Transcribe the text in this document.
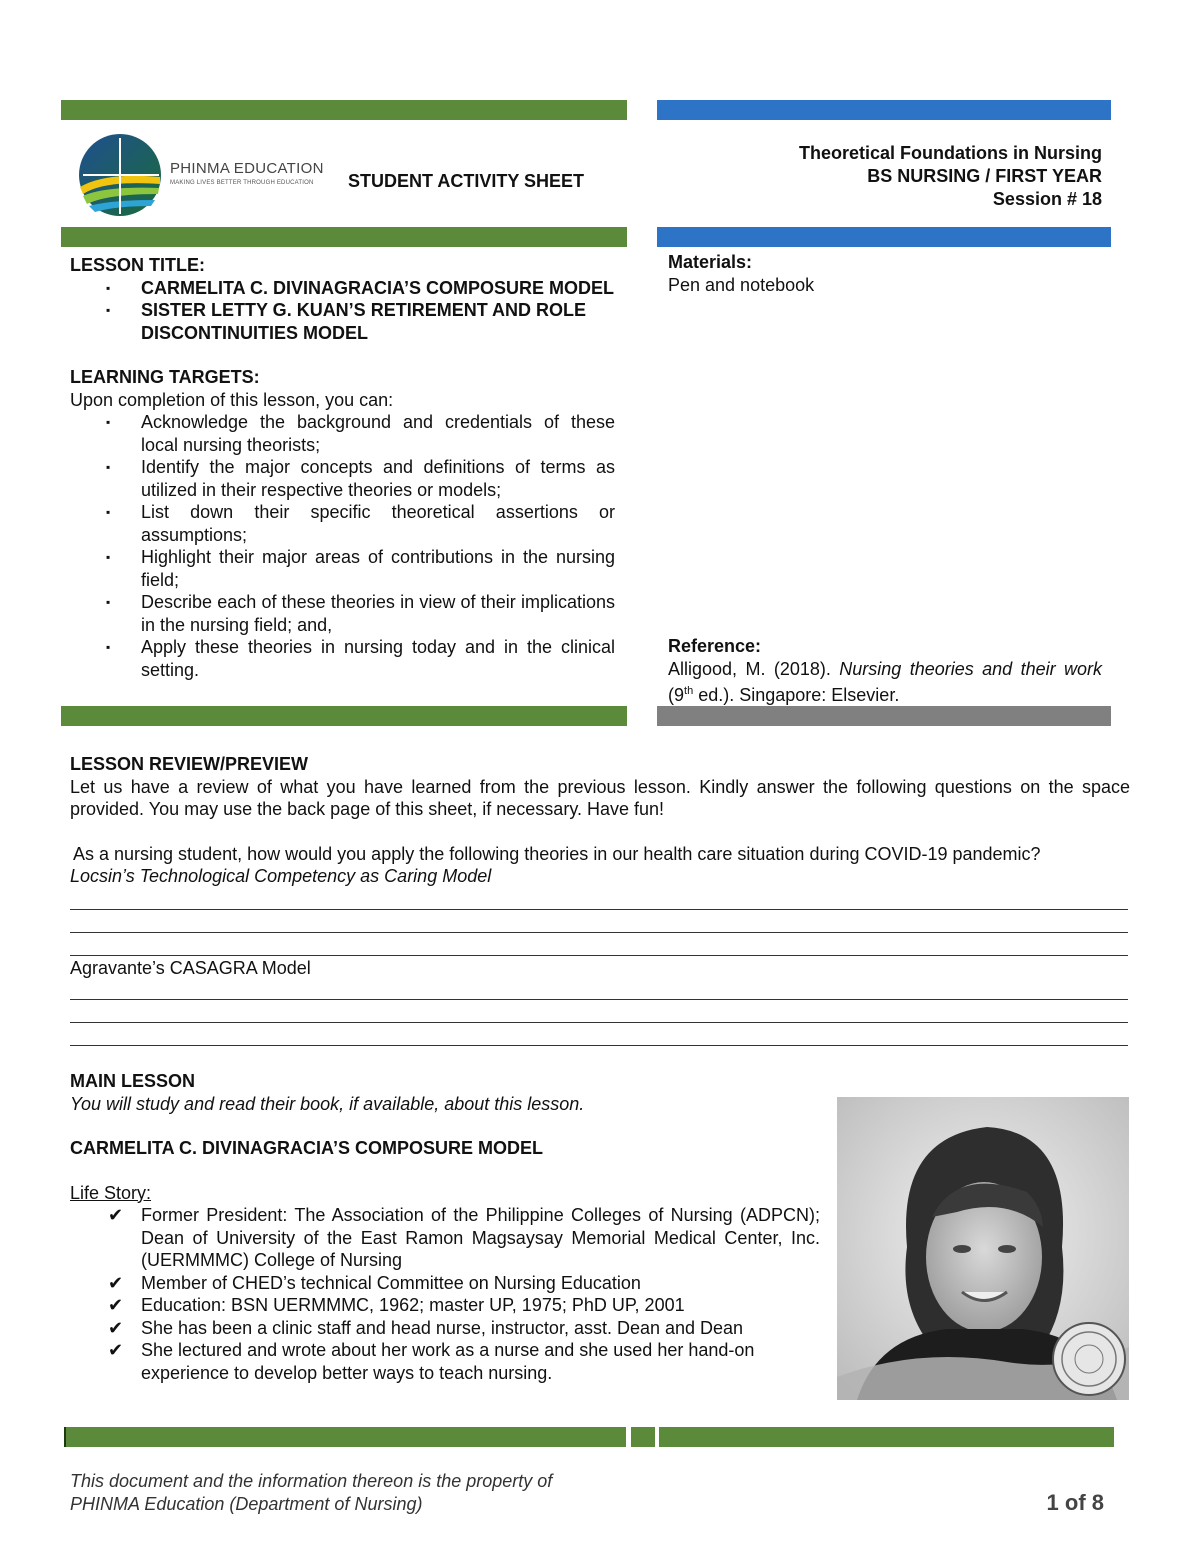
PHINMA EDUCATION
MAKING LIVES BETTER THROUGH EDUCATION STUDENT ACTIVITY SHEET
Theoretical Foundations in Nursing
BS NURSING / FIRST YEAR
Session # 18
LESSON TITLE:
▪ CARMELITA C. DIVINAGRACIA’S COMPOSURE MODEL
▪ SISTER LETTY G. KUAN’S RETIREMENT AND ROLE DISCONTINUITIES MODEL
LEARNING TARGETS:
Upon completion of this lesson, you can:
▪ Acknowledge the background and credentials of these local nursing theorists;
▪ Identify the major concepts and definitions of terms as utilized in their respective theories or models;
▪ List down their specific theoretical assertions or assumptions;
▪ Highlight their major areas of contributions in the nursing field;
▪ Describe each of these theories in view of their implications in the nursing field; and,
▪ Apply these theories in nursing today and in the clinical setting.
Materials:
Pen and notebook
Reference:
Alligood, M. (2018). Nursing theories and their work (9th ed.). Singapore: Elsevier.
LESSON REVIEW/PREVIEW
Let us have a review of what you have learned from the previous lesson. Kindly answer the following questions on the space provided. You may use the back page of this sheet, if necessary. Have fun!
As a nursing student, how would you apply the following theories in our health care situation during COVID-19 pandemic?
Locsin’s Technological Competency as Caring Model
Agravante’s CASAGRA Model
MAIN LESSON
You will study and read their book, if available, about this lesson.
CARMELITA C. DIVINAGRACIA’S COMPOSURE MODEL
Life Story:
✔ Former President: The Association of the Philippine Colleges of Nursing (ADPCN); Dean of University of the East Ramon Magsaysay Memorial Medical Center, Inc. (UERMMMC) College of Nursing
✔ Member of CHED’s technical Committee on Nursing Education
✔ Education: BSN UERMMMC, 1962; master UP, 1975; PhD UP, 2001
✔ She has been a clinic staff and head nurse, instructor, asst. Dean and Dean
✔ She lectured and wrote about her work as a nurse and she used her hand-on experience to develop better ways to teach nursing.
This document and the information thereon is the property of
PHINMA Education (Department of Nursing)	1 of 8
